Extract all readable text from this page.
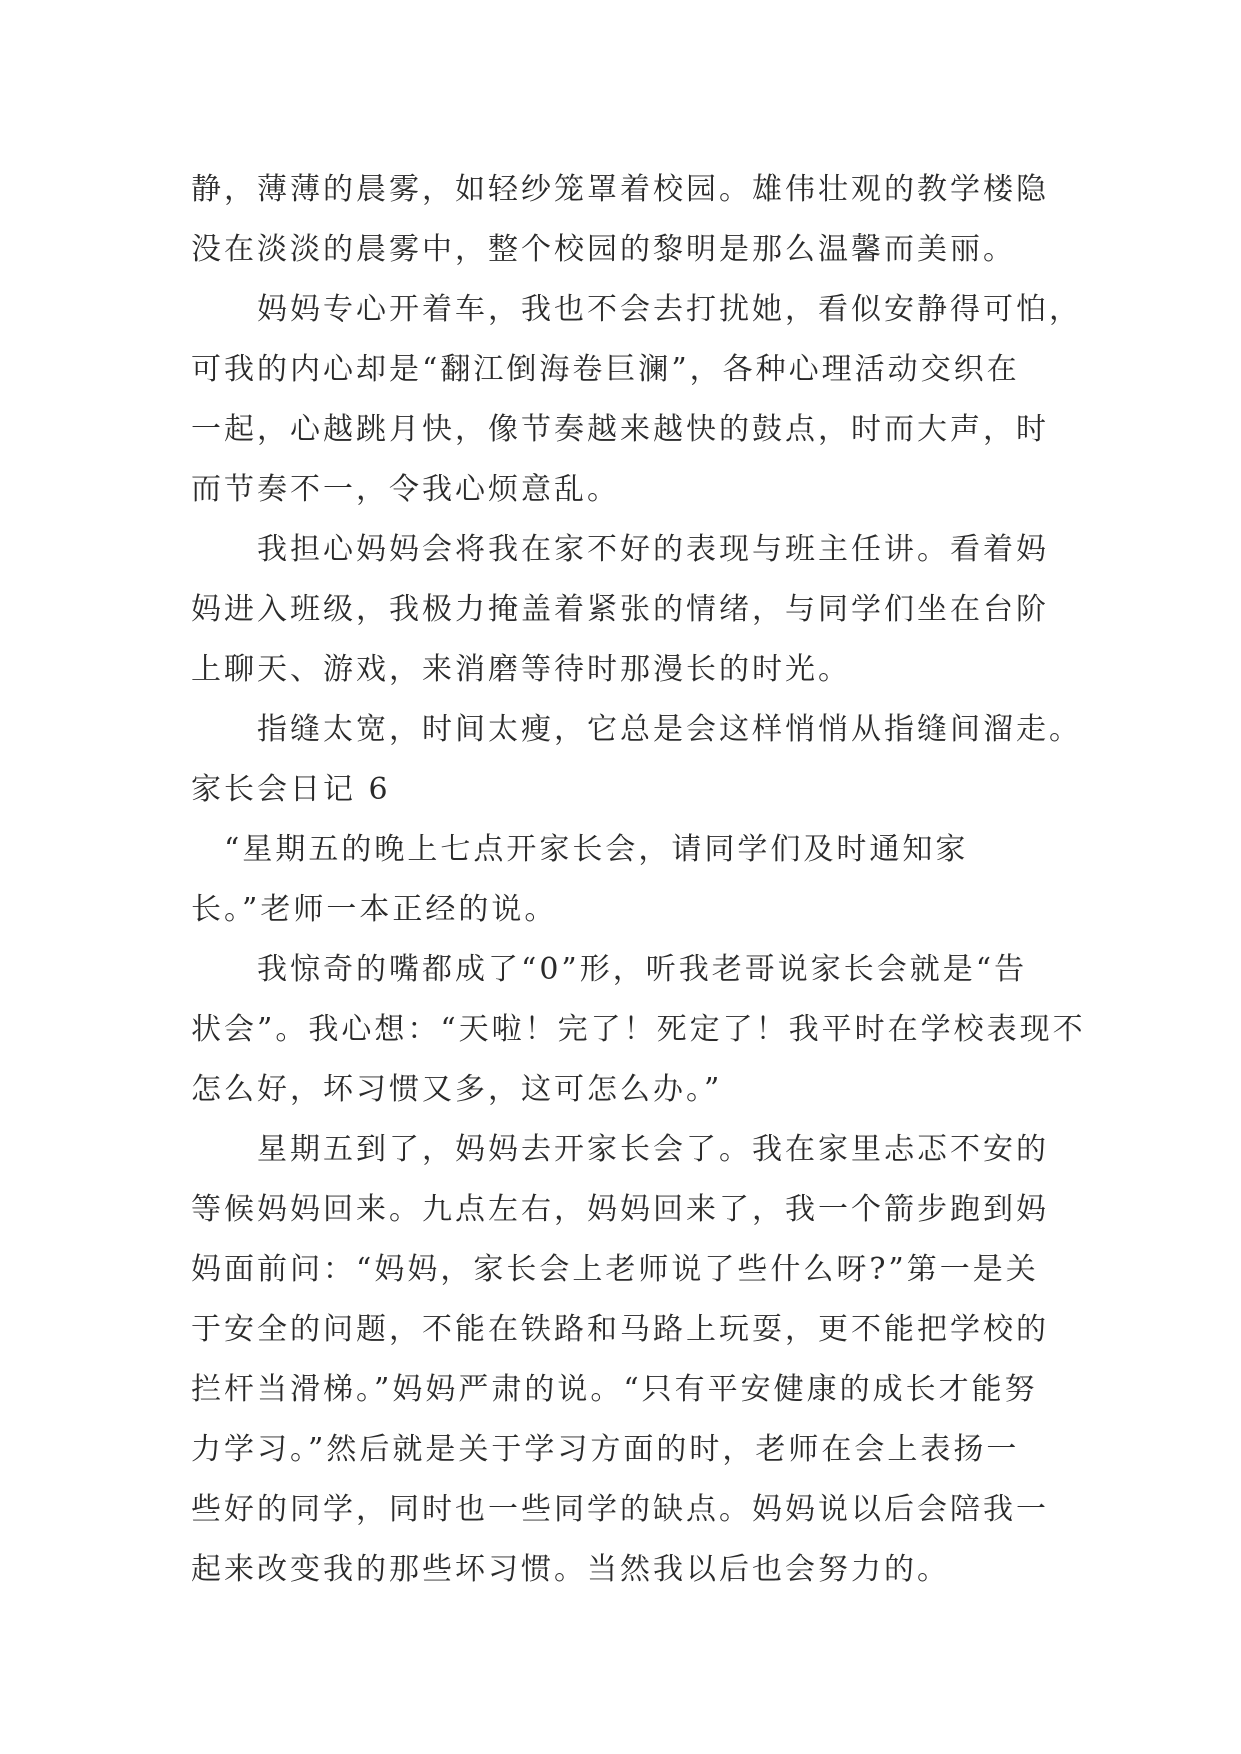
静，薄薄的晨雾，如轻纱笼罩着校园。雄伟壮观的教学楼隐
没在淡淡的晨雾中，整个校园的黎明是那么温馨而美丽。
　　妈妈专心开着车，我也不会去打扰她，看似安静得可怕，
可我的内心却是“翻江倒海卷巨澜”，各种心理活动交织在
一起，心越跳月快，像节奏越来越快的鼓点，时而大声，时
而节奏不一，令我心烦意乱。
　　我担心妈妈会将我在家不好的表现与班主任讲。看着妈
妈进入班级，我极力掩盖着紧张的情绪，与同学们坐在台阶
上聊天、游戏，来消磨等待时那漫长的时光。
　　指缝太宽，时间太瘦，它总是会这样悄悄从指缝间溜走。
家长会日记 6
　“星期五的晚上七点开家长会，请同学们及时通知家
长。”老师一本正经的说。
　　我惊奇的嘴都成了“0”形，听我老哥说家长会就是“告
状会”。我心想：“天啦！完了！死定了！我平时在学校表现不
怎么好，坏习惯又多，这可怎么办。”
　　星期五到了，妈妈去开家长会了。我在家里忐忑不安的
等候妈妈回来。九点左右，妈妈回来了，我一个箭步跑到妈
妈面前问：“妈妈，家长会上老师说了些什么呀?”第一是关
于安全的问题，不能在铁路和马路上玩耍，更不能把学校的
拦杆当滑梯。”妈妈严肃的说。“只有平安健康的成长才能努
力学习。”然后就是关于学习方面的时，老师在会上表扬一
些好的同学，同时也一些同学的缺点。妈妈说以后会陪我一
起来改变我的那些坏习惯。当然我以后也会努力的。
